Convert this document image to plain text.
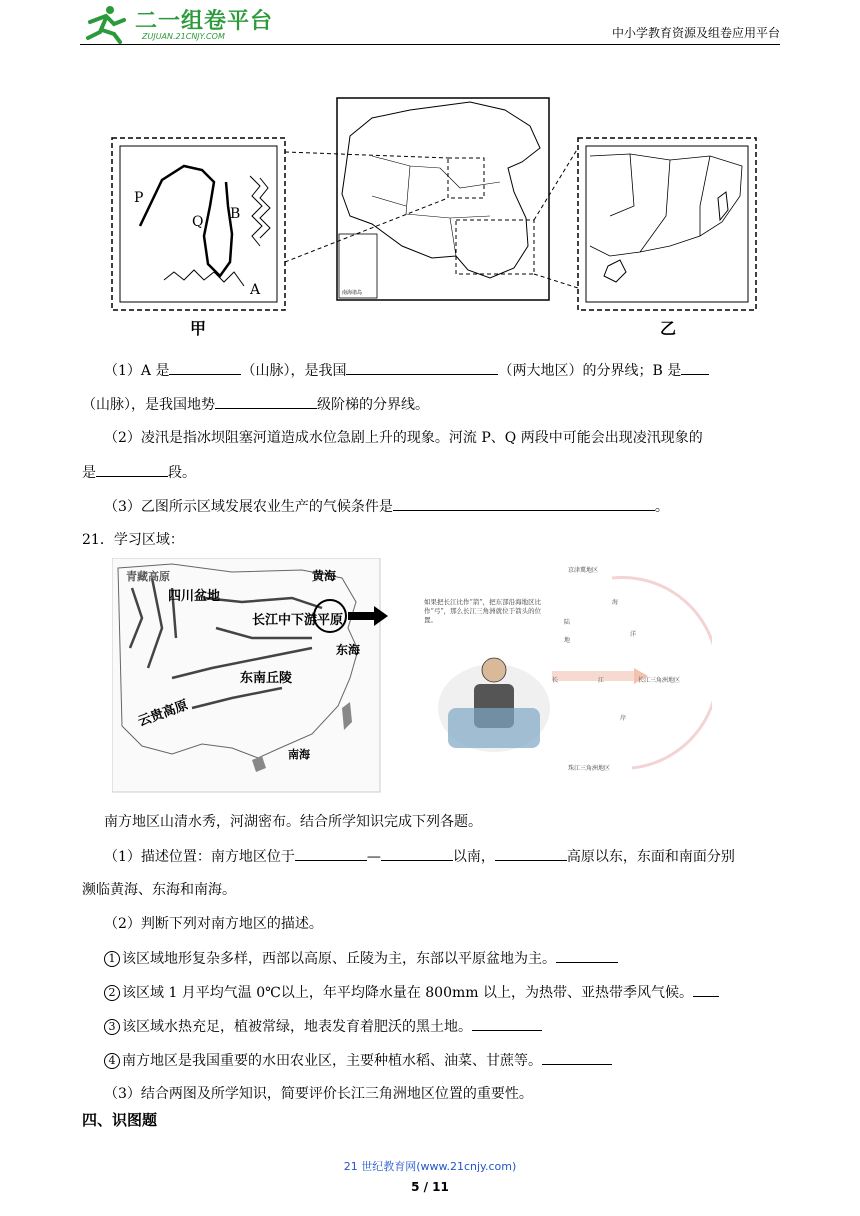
二一组卷平台
ZUJUAN.21CNJY.COM	中小学教育资源及组卷应用平台
南海诸岛
P
Q B
A
甲	乙
（1）A 是	（山脉），是我国	（两大地区）的分界线；B 是
（山脉），是我国地势	级阶梯的分界线。
（2）凌汛是指冰坝阻塞河道造成水位急剧上升的现象。河流 P、Q 两段中可能会出现凌汛现象的
是	段。
（3）乙图所示区域发展农业生产的气候条件是	。
21．学习区域：
黄海
四川盆地
长江中下游平原
东海
东南丘陵
云贵高原
南海
青藏高原
如果把长江比作“箭”，把东部沿海地区比作“弓”，那么长江三角洲就位于箭头的位置。
京津冀地区
海
洋
陆
地
长	江	长江三角洲地区
岸
珠江三角洲地区
南方地区山清水秀，河湖密布。结合所学知识完成下列各题。
（1）描述位置：南方地区位于	—	以南，	高原以东，东面和南面分别
濒临黄海、东海和南海。
（2）判断下列对南方地区的描述。
1 该区域地形复杂多样，西部以高原、丘陵为主，东部以平原盆地为主。
2 该区域 1 月平均气温 0℃以上，年平均降水量在 800mm 以上，为热带、亚热带季风气候。
3 该区域水热充足，植被常绿，地表发育着肥沃的黑土地。
4 南方地区是我国重要的水田农业区，主要种植水稻、油菜、甘蔗等。
（3）结合两图及所学知识，简要评价长江三角洲地区位置的重要性。
四、识图题
21 世纪教育网(www.21cnjy.com)
5 / 11
